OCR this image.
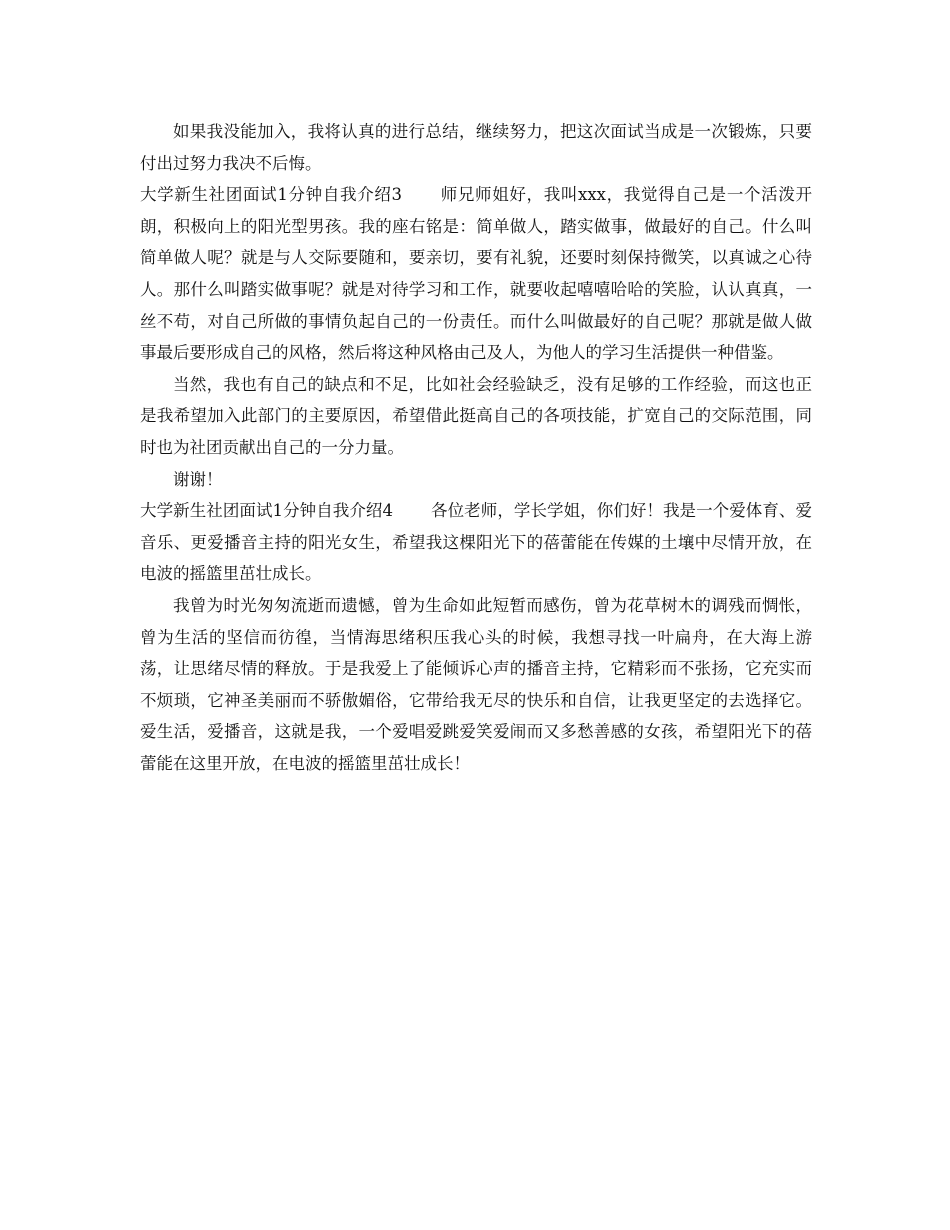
如果我没能加入，我将认真的进行总结，继续努力，把这次面试当成是一次锻炼，只要付出过努力我决不后悔。

大学新生社团面试1分钟自我介绍3 师兄师姐好，我叫xxx，我觉得自己是一个活泼开朗，积极向上的阳光型男孩。我的座右铭是：简单做人，踏实做事，做最好的自己。什么叫简单做人呢？就是与人交际要随和，要亲切，要有礼貌，还要时刻保持微笑，以真诚之心待人。那什么叫踏实做事呢？就是对待学习和工作，就要收起嘻嘻哈哈的笑脸，认认真真，一丝不苟，对自己所做的事情负起自己的一份责任。而什么叫做最好的自己呢？那就是做人做事最后要形成自己的风格，然后将这种风格由己及人，为他人的学习生活提供一种借鉴。

当然，我也有自己的缺点和不足，比如社会经验缺乏，没有足够的工作经验，而这也正是我希望加入此部门的主要原因，希望借此挺高自己的各项技能，扩宽自己的交际范围，同时也为社团贡献出自己的一分力量。

谢谢！

大学新生社团面试1分钟自我介绍4 各位老师，学长学姐，你们好！我是一个爱体育、爱音乐、更爱播音主持的阳光女生，希望我这棵阳光下的蓓蕾能在传媒的土壤中尽情开放，在电波的摇篮里茁壮成长。

我曾为时光匆匆流逝而遗憾，曾为生命如此短暂而感伤，曾为花草树木的调残而惆怅，曾为生活的坚信而彷徨，当情海思绪积压我心头的时候，我想寻找一叶扁舟，在大海上游荡，让思绪尽情的释放。于是我爱上了能倾诉心声的播音主持，它精彩而不张扬，它充实而不烦琐，它神圣美丽而不骄傲媚俗，它带给我无尽的快乐和自信，让我更坚定的去选择它。爱生活，爱播音，这就是我，一个爱唱爱跳爱笑爱闹而又多愁善感的女孩，希望阳光下的蓓蕾能在这里开放，在电波的摇篮里茁壮成长！
